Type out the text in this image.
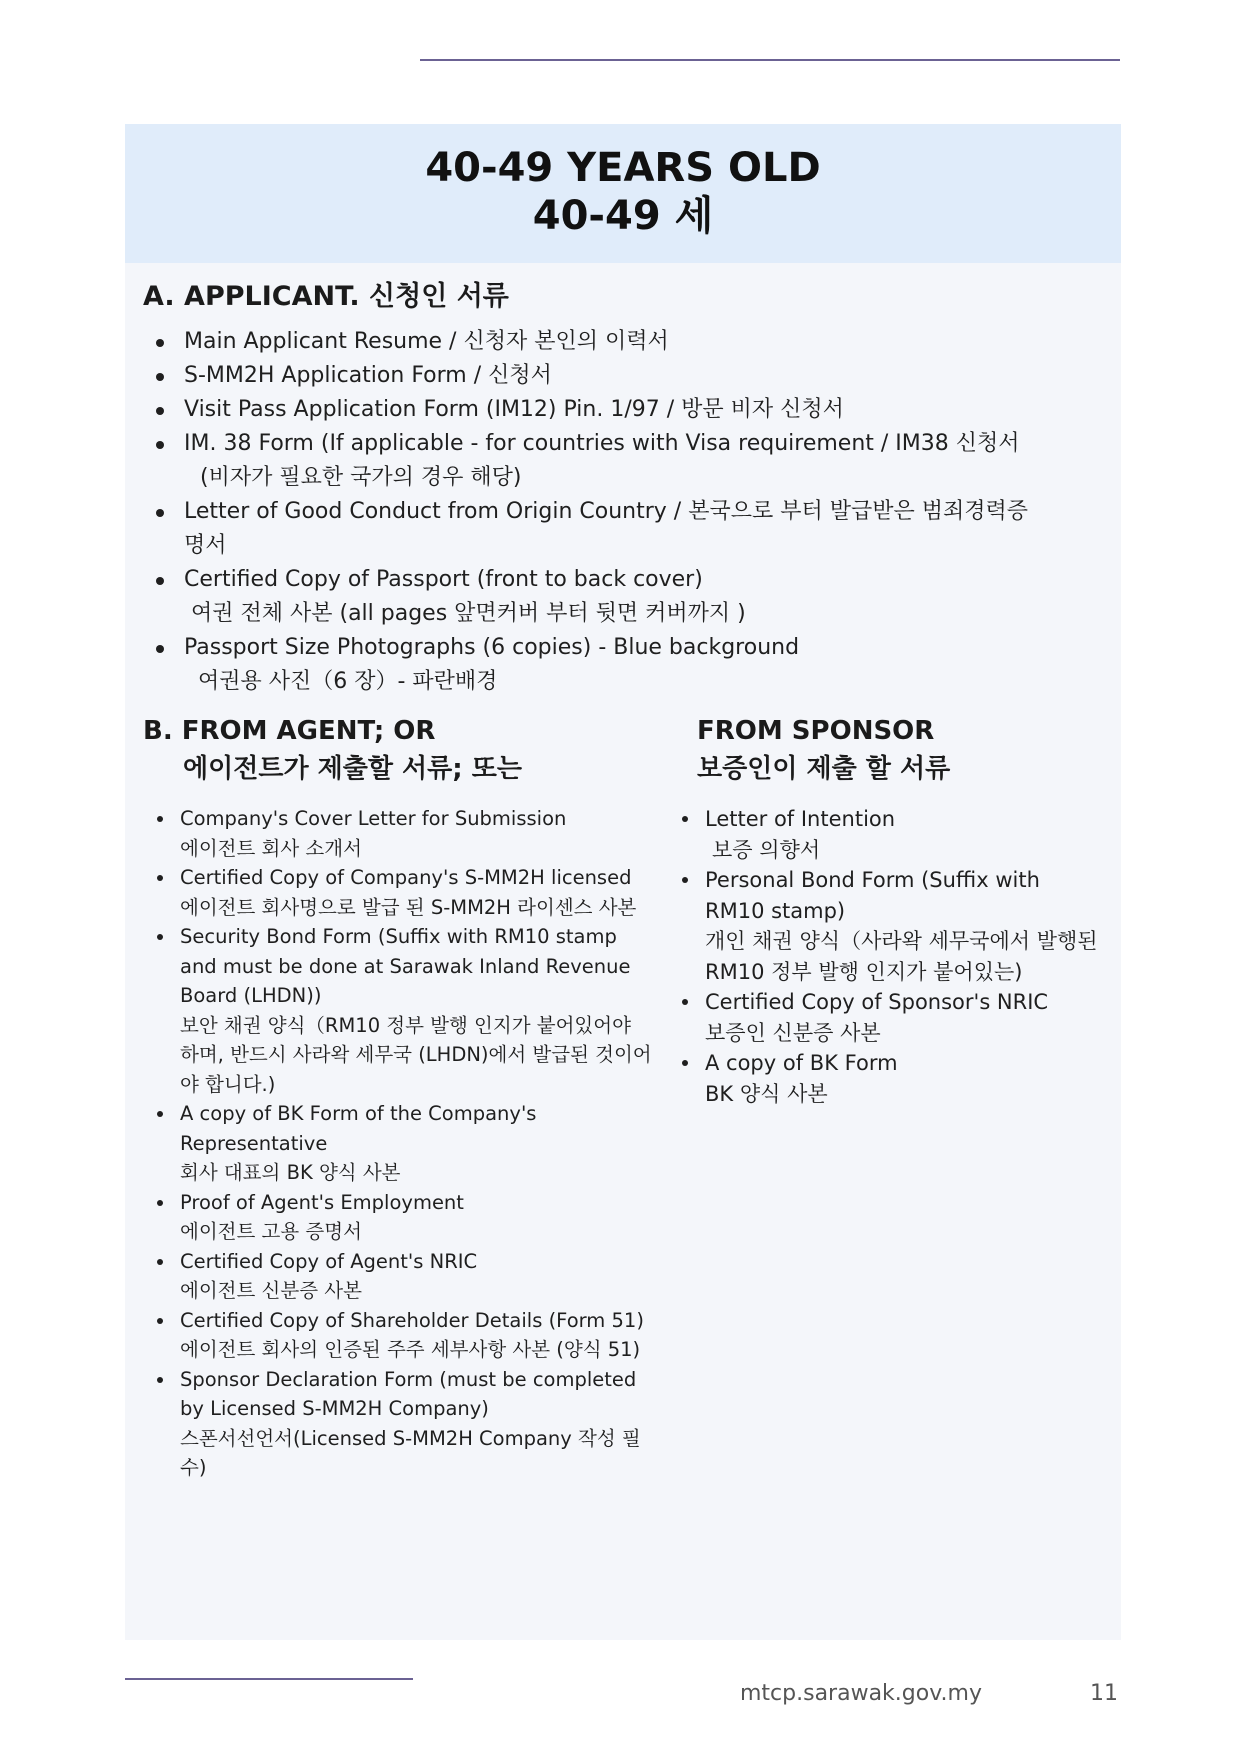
40-49 YEARS OLD
40-49 세
A. APPLICANT. 신청인 서류
Main Applicant Resume / 신청자 본인의 이력서
S-MM2H Application Form / 신청서
Visit Pass Application Form (IM12) Pin. 1/97 / 방문 비자 신청서
IM. 38 Form (If applicable - for countries with Visa requirement / IM38 신청서
(비자가 필요한 국가의 경우 해당)
Letter of Good Conduct from Origin Country / 본국으로 부터 발급받은 범죄경력증
명서
Certified Copy of Passport (front to back cover)
여권 전체 사본 (all pages 앞면커버 부터 뒷면 커버까지 )
Passport Size Photographs (6 copies) - Blue background
여권용 사진（6 장）- 파란배경
B. FROM AGENT; OR
에이전트가 제출할 서류; 또는
FROM SPONSOR
보증인이 제출 할 서류
Company's Cover Letter for Submission
에이전트 회사 소개서
Certified Copy of Company's S-MM2H licensed
에이전트 회사명으로 발급 된 S-MM2H 라이센스 사본
Security Bond Form (Suffix with RM10 stamp and must be done at Sarawak Inland Revenue Board (LHDN))
보안 채권 양식（RM10 정부 발행 인지가 붙어있어야 하며, 반드시 사라왁 세무국 (LHDN)에서 발급된 것이어야 합니다.)
A copy of BK Form of the Company's Representative
회사 대표의 BK 양식 사본
Proof of Agent's Employment
에이전트 고용 증명서
Certified Copy of Agent's NRIC
에이전트 신분증 사본
Certified Copy of Shareholder Details (Form 51)
에이전트 회사의 인증된 주주 세부사항 사본 (양식 51)
Sponsor Declaration Form (must be completed by Licensed S-MM2H Company)
스폰서선언서(Licensed S-MM2H Company 작성 필수)
Letter of Intention
보증 의향서
Personal Bond Form (Suffix with RM10 stamp)
개인 채권 양식（사라왁 세무국에서 발행된 RM10 정부 발행 인지가 붙어있는)
Certified Copy of Sponsor's NRIC
보증인 신분증 사본
A copy of BK Form
BK 양식 사본
mtcp.sarawak.gov.my	11
